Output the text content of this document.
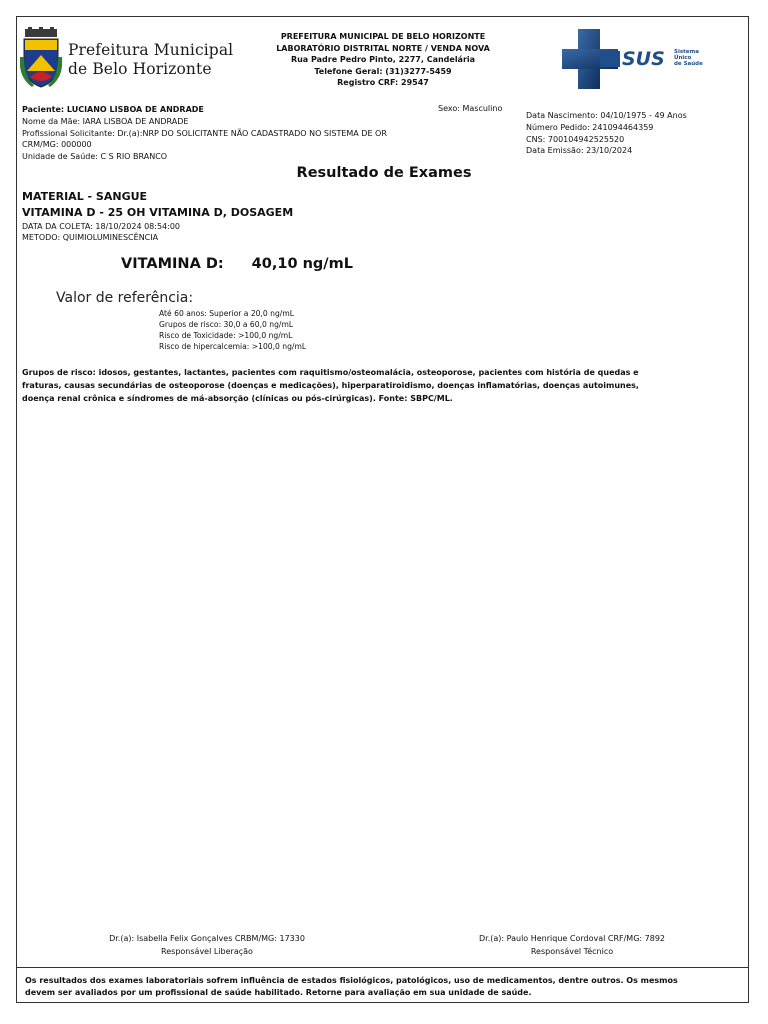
Prefeitura Municipal
de Belo Horizonte
PREFEITURA MUNICIPAL DE BELO HORIZONTE
LABORATÓRIO DISTRITAL NORTE / VENDA NOVA
Rua Padre Pedro Pinto, 2277, Candelária
Telefone Geral: (31)3277-5459
Registro CRF: 29547
SUS Sistema
Único
de Saúde
Paciente: LUCIANO LISBOA DE ANDRADE
Nome da Mãe: IARA LISBOA DE ANDRADE
Profissional Solicitante: Dr.(a):NRP DO SOLICITANTE NÃO CADASTRADO NO SISTEMA DE OR
CRM/MG: 000000
Unidade de Saúde: C S RIO BRANCO
Sexo: Masculino
Data Nascimento: 04/10/1975 - 49 Anos
Número Pedido: 241094464359
CNS: 700104942525520
Data Emissão: 23/10/2024
Resultado de Exames
MATERIAL - SANGUE
VITAMINA D - 25 OH VITAMINA D, DOSAGEM
DATA DA COLETA: 18/10/2024 08:54:00
METODO: QUIMIOLUMINESCÊNCIA
VITAMINA D: 40,10 ng/mL
Valor de referência:
Até 60 anos: Superior a 20,0 ng/mL
Grupos de risco: 30,0 a 60,0 ng/mL
Risco de Toxicidade: >100,0 ng/mL
Risco de hipercalcemia: >100,0 ng/mL
Grupos de risco: idosos, gestantes, lactantes, pacientes com raquitismo/osteomalácia, osteoporose, pacientes com história de quedas e
fraturas, causas secundárias de osteoporose (doenças e medicações), hiperparatiroidismo, doenças inflamatórias, doenças autoimunes,
doença renal crônica e síndromes de má-absorção (clínicas ou pós-cirúrgicas). Fonte: SBPC/ML.
Dr.(a): Isabella Felix Gonçalves CRBM/MG: 17330
Responsável Liberação
Dr.(a): Paulo Henrique Cordoval CRF/MG: 7892
Responsável Técnico
Os resultados dos exames laboratoriais sofrem influência de estados fisiológicos, patológicos, uso de medicamentos, dentre outros. Os mesmos
devem ser avaliados por um profissional de saúde habilitado. Retorne para avaliação em sua unidade de saúde.
